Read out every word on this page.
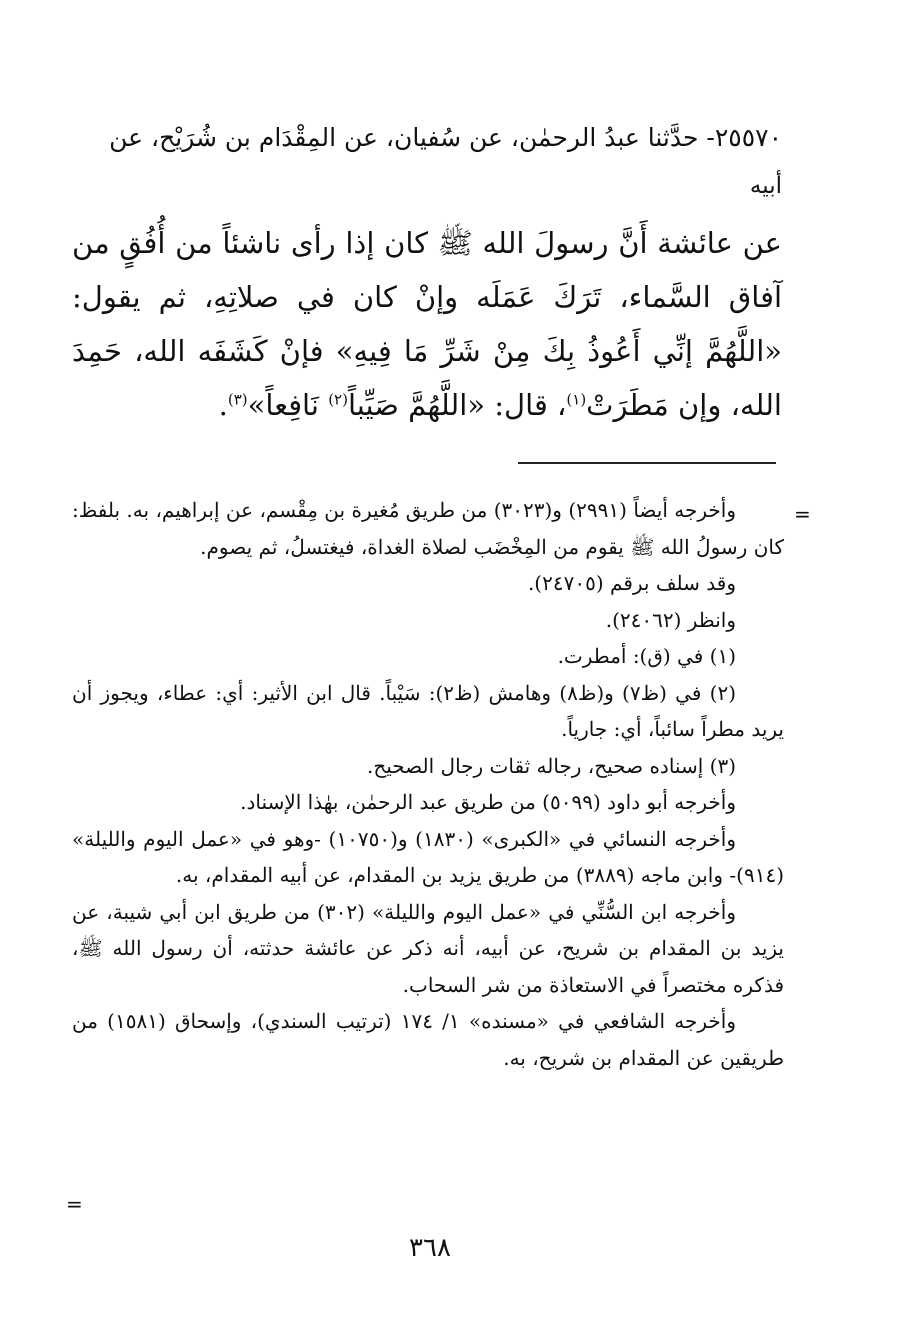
٢٥٥٧٠- حدَّثنا عبدُ الرحمٰن، عن سُفيان، عن المِقْدَام بن شُرَيْح، عن

أبيه

عن عائشة أَنَّ رسولَ الله ﷺ كان إذا رأى ناشئاً من أُفُقٍ من آفاق السَّماء، تَرَكَ عَمَلَه وإنْ كان في صلاتِهِ، ثم يقول: «اللَّهُمَّ إنِّي أَعُوذُ بِكَ مِنْ شَرِّ مَا فِيهِ» فإنْ كَشَفَه الله، حَمِدَ الله، وإن مَطَرَتْ$^{(١)}$، قال: «اللَّهُمَّ صَيِّباً$^{(٢)}$ نَافِعاً»$^{(٣)}$.

=

وأخرجه أيضاً (٢٩٩١) و(٣٠٢٣) من طريق مُغيرة بن مِقْسم، عن إبراهيم، به. بلفظ: كان رسولُ الله ﷺ يقوم من المِخْضَب لصلاة الغداة، فيغتسلُ، ثم يصوم.

وقد سلف برقم (٢٤٧٠٥).

وانظر (٢٤٠٦٢).

(١) في (ق): أمطرت.

(٢) في (ظ٧) و(ظ٨) وهامش (ظ٢): سَيْباً. قال ابن الأثير: أي: عطاء، ويجوز أن يريد مطراً سائباً، أي: جارياً.

(٣) إسناده صحيح، رجاله ثقات رجال الصحيح.

وأخرجه أبو داود (٥٠٩٩) من طريق عبد الرحمٰن، بهٰذا الإسناد.

وأخرجه النسائي في «الكبرى» (١٨٣٠) و(١٠٧٥٠) -وهو في «عمل اليوم والليلة» (٩١٤)- وابن ماجه (٣٨٨٩) من طريق يزيد بن المقدام، عن أبيه المقدام، به.

وأخرجه ابن السُّنِّي في «عمل اليوم والليلة» (٣٠٢) من طريق ابن أبي شيبة، عن يزيد بن المقدام بن شريح، عن أبيه، أنه ذكر عن عائشة حدثته، أن رسول الله ﷺ، فذكره مختصراً في الاستعاذة من شر السحاب.

وأخرجه الشافعي في «مسنده» ١/ ١٧٤ (ترتيب السندي)، وإسحاق (١٥٨١) من طريقين عن المقدام بن شريح، به.

=
٣٦٨
